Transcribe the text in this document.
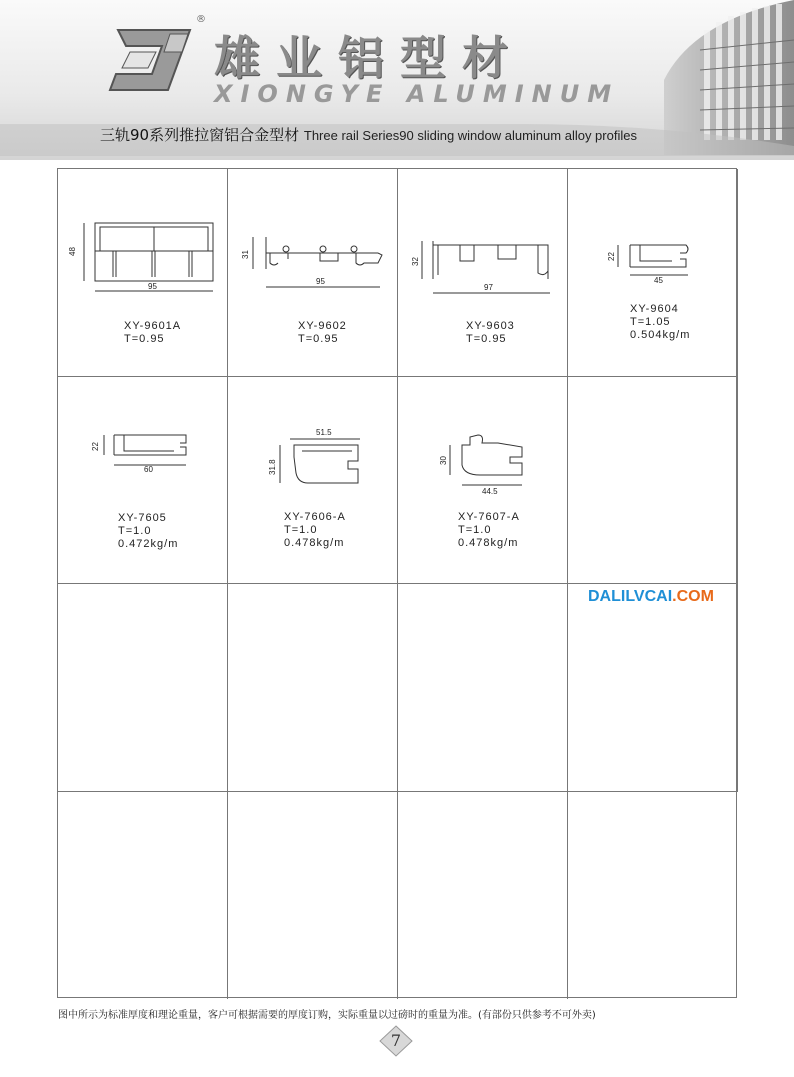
®
雄业铝型材
XIONGYE ALUMINUM
三轨90系列推拉窗铝合金型材 Three rail Series90 sliding window aluminum alloy profiles
48
95
XY-9601A
T=0.95
31
95
XY-9602
T=0.95
32
97
XY-9603
T=0.95
22
45
XY-9604
T=1.05
0.504kg/m
22
60
XY-7605
T=1.0
0.472kg/m
51.5
31.8
XY-7606-A
T=1.0
0.478kg/m
30
44.5
XY-7607-A
T=1.0
0.478kg/m
DALILVCAI.COM
图中所示为标准厚度和理论重量，客户可根据需要的厚度订购，实际重量以过磅时的重量为准。(有部份只供参考不可外卖)
7
